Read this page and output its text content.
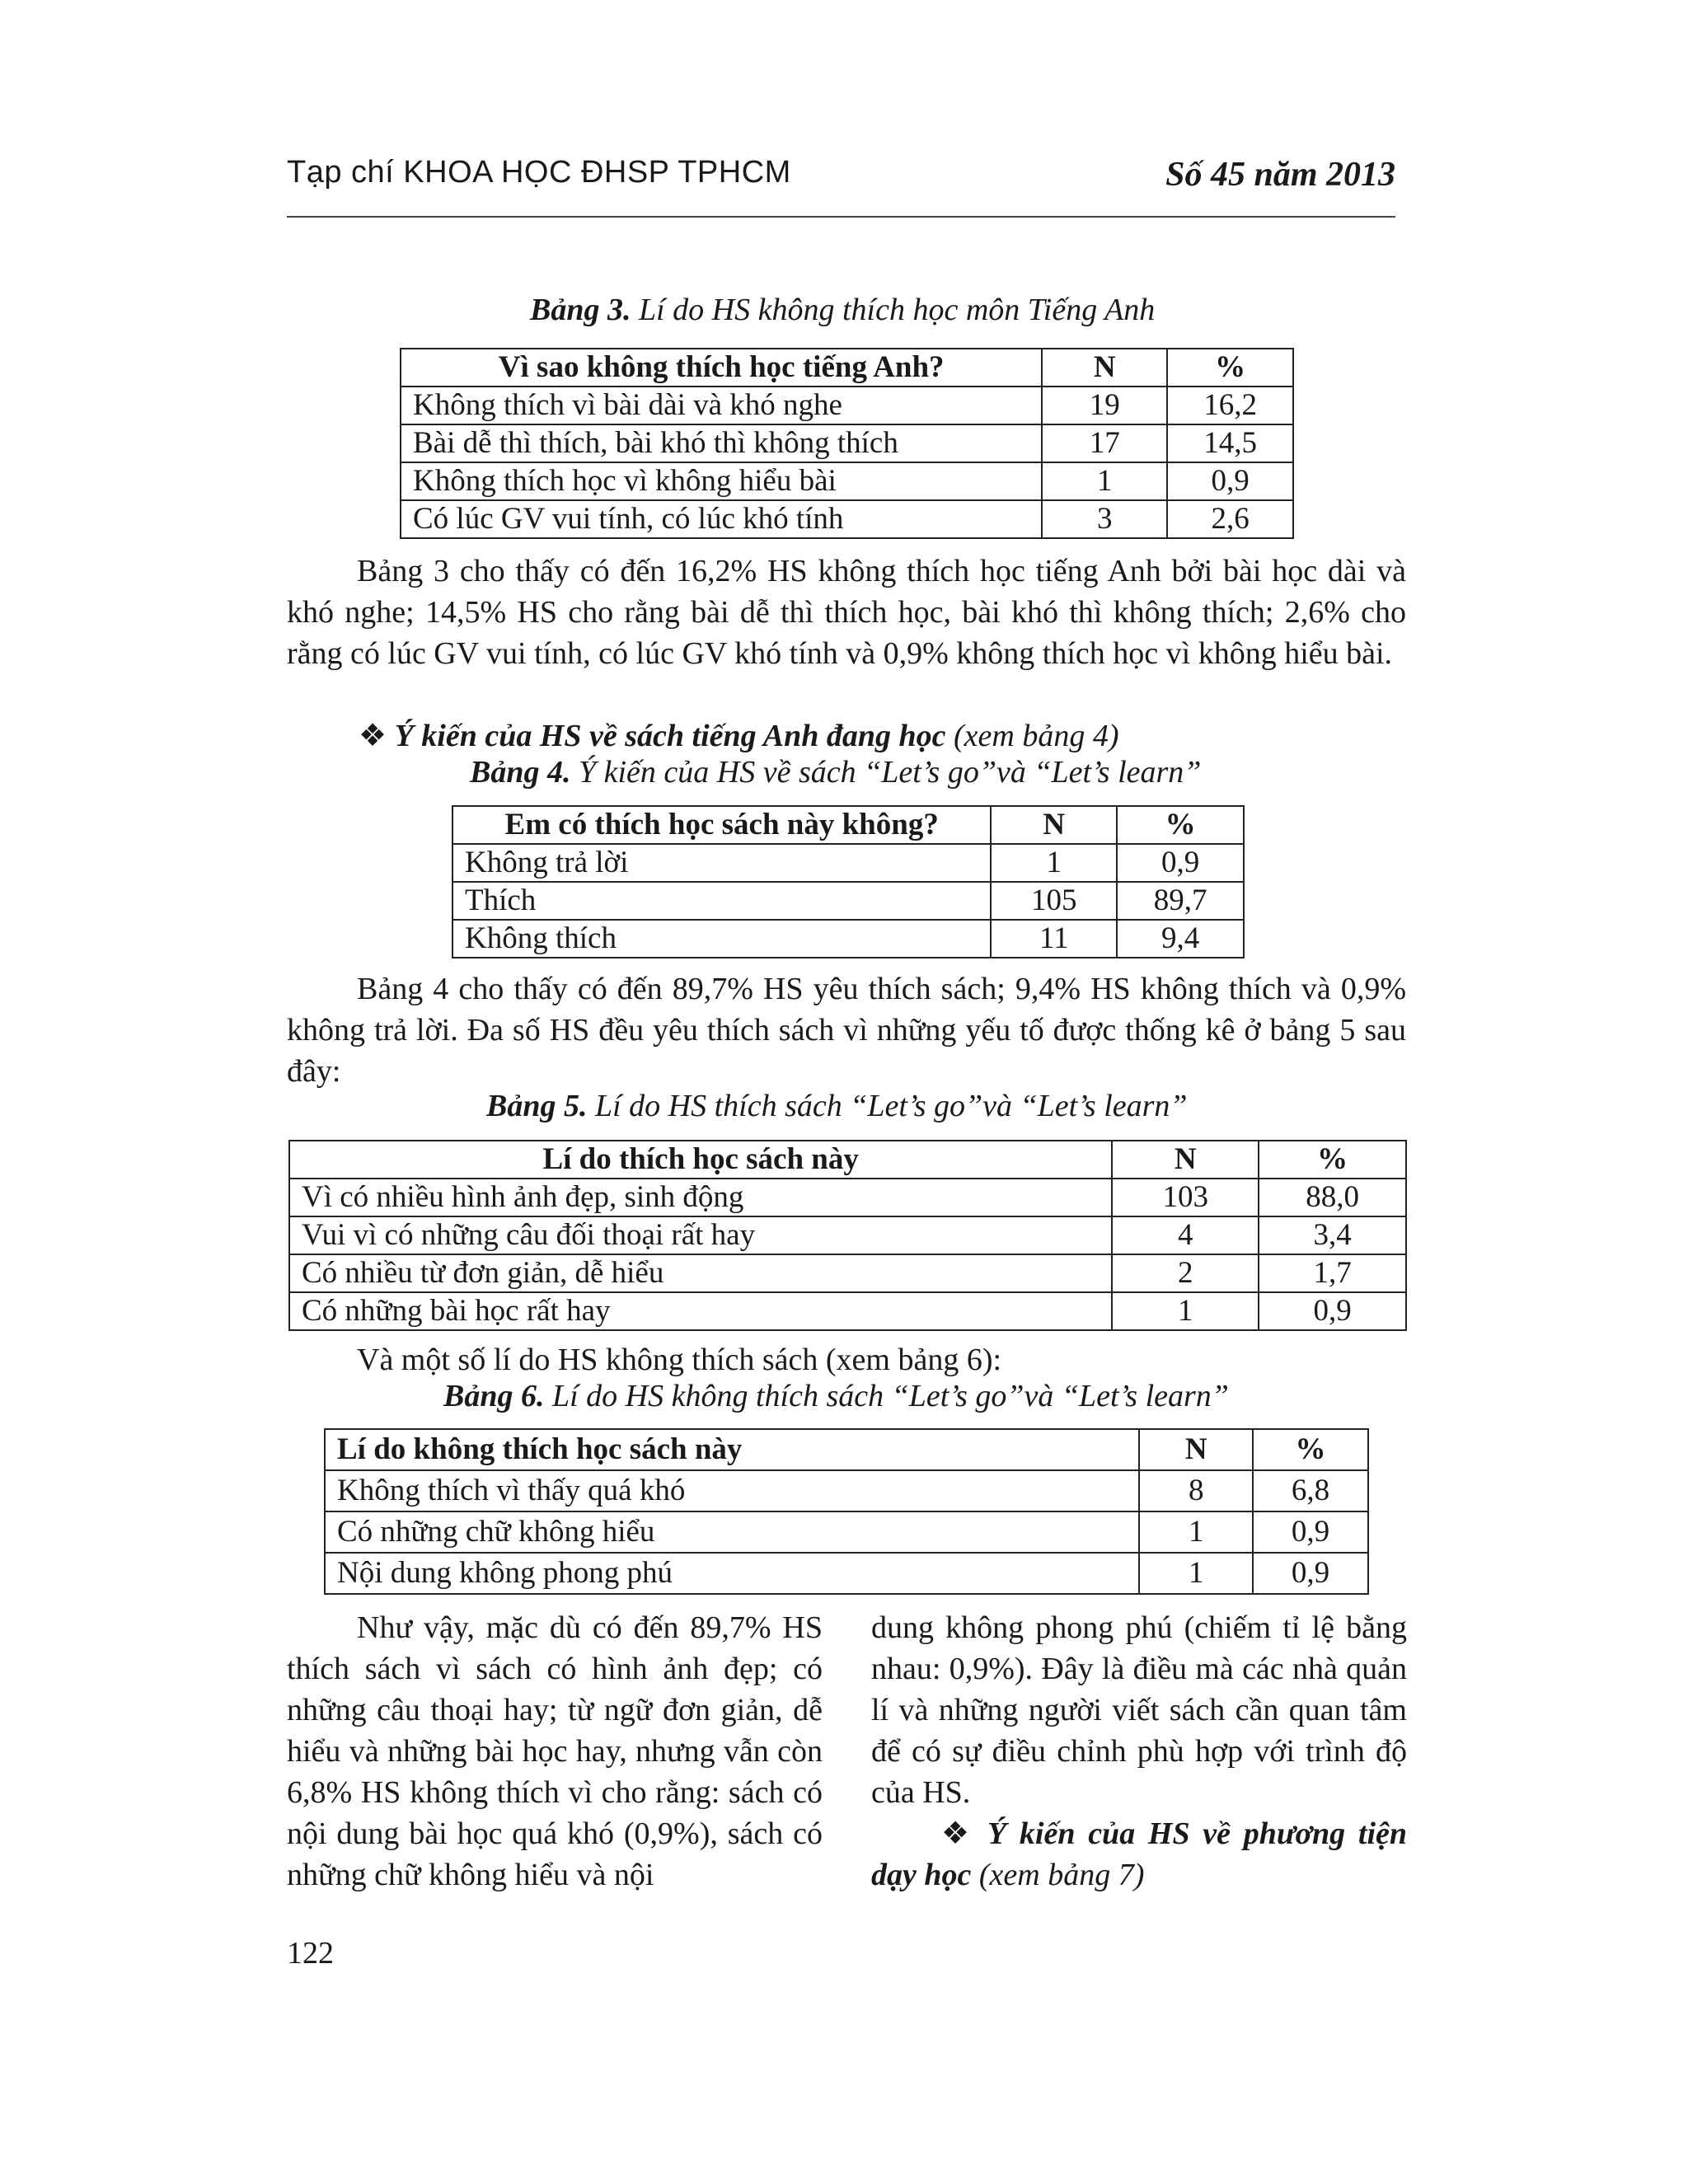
Tạp chí KHOA HỌC ĐHSP TPHCM	Số 45 năm 2013
Bảng 3. Lí do HS không thích học môn Tiếng Anh
Vì sao không thích học tiếng Anh?	N	%
Không thích vì bài dài và khó nghe	19	16,2
Bài dễ thì thích, bài khó thì không thích	17	14,5
Không thích học vì không hiểu bài	1	0,9
Có lúc GV vui tính, có lúc khó tính	3	2,6

Bảng 3 cho thấy có đến 16,2% HS không thích học tiếng Anh bởi bài học dài và khó nghe; 14,5% HS cho rằng bài dễ thì thích học, bài khó thì không thích; 2,6% cho rằng có lúc GV vui tính, có lúc GV khó tính và 0,9% không thích học vì không hiểu bài.

❖ Ý kiến của HS về sách tiếng Anh đang học (xem bảng 4)
Bảng 4. Ý kiến của HS về sách “Let’s go”và “Let’s learn”
Em có thích học sách này không?	N	%
Không trả lời	1	0,9
Thích	105	89,7
Không thích	11	9,4

Bảng 4 cho thấy có đến 89,7% HS yêu thích sách; 9,4% HS không thích và 0,9% không trả lời. Đa số HS đều yêu thích sách vì những yếu tố được thống kê ở bảng 5 sau đây:

Bảng 5. Lí do HS thích sách “Let’s go”và “Let’s learn”
Lí do thích học sách này	N	%
Vì có nhiều hình ảnh đẹp, sinh động	103	88,0
Vui vì có những câu đối thoại rất hay	4	3,4
Có nhiều từ đơn giản, dễ hiểu	2	1,7
Có những bài học rất hay	1	0,9

Và một số lí do HS không thích sách (xem bảng 6):

Bảng 6. Lí do HS không thích sách “Let’s go”và “Let’s learn”
Lí do không thích học sách này	N	%
Không thích vì thấy quá khó	8	6,8
Có những chữ không hiểu	1	0,9
Nội dung không phong phú	1	0,9

Như vậy, mặc dù có đến 89,7% HS thích sách vì sách có hình ảnh đẹp; có những câu thoại hay; từ ngữ đơn giản, dễ hiểu và những bài học hay, nhưng vẫn còn 6,8% HS không thích vì cho rằng: sách có nội dung bài học quá khó (0,9%), sách có những chữ không hiểu và nội

dung không phong phú (chiếm tỉ lệ bằng nhau: 0,9%). Đây là điều mà các nhà quản lí và những người viết sách cần quan tâm để có sự điều chỉnh phù hợp với trình độ của HS.

❖ Ý kiến của HS về phương tiện dạy học (xem bảng 7)

122
